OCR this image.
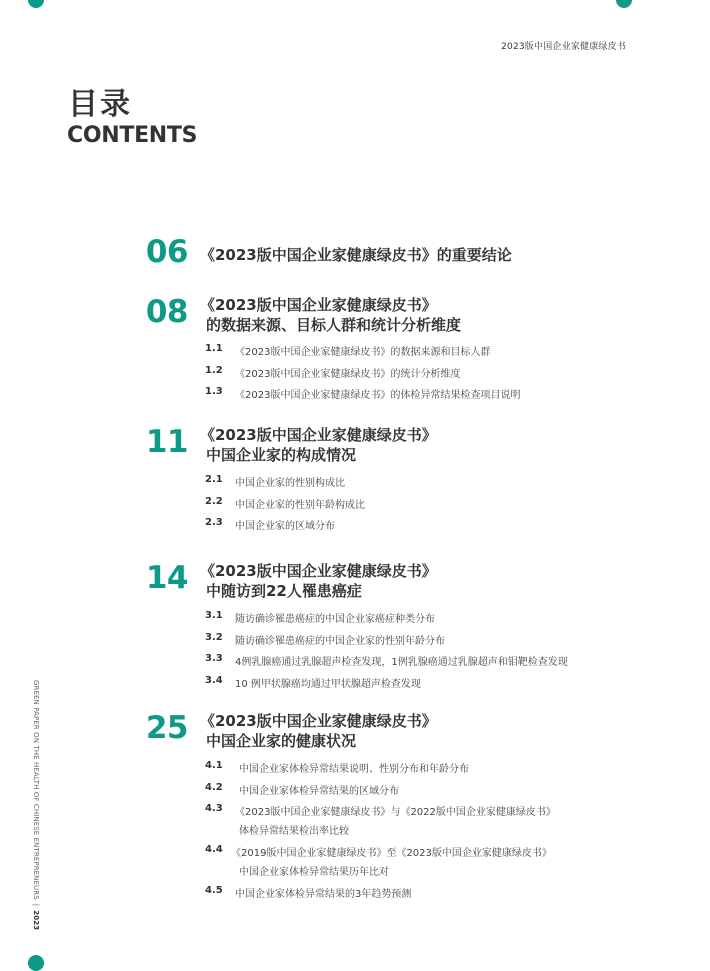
2023版中国企业家健康绿皮书
目录
CONTENTS
GREEN PAPER ON THE HEALTH OF CHINESE ENTREPRENEURS|2023
06 《2023版中国企业家健康绿皮书》的重要结论
08 《2023版中国企业家健康绿皮书》
的数据来源、目标人群和统计分析维度
1.1 《2023版中国企业家健康绿皮书》的数据来源和目标人群
1.2 《2023版中国企业家健康绿皮书》的统计分析维度
1.3 《2023版中国企业家健康绿皮书》的体检异常结果检查项目说明
11 《2023版中国企业家健康绿皮书》
中国企业家的构成情况
2.1 中国企业家的性别构成比
2.2 中国企业家的性别年龄构成比
2.3 中国企业家的区域分布
14 《2023版中国企业家健康绿皮书》
中随访到22人罹患癌症
3.1 随访确诊罹患癌症的中国企业家癌症种类分布
3.2 随访确诊罹患癌症的中国企业家的性别年龄分布
3.3 4例乳腺癌通过乳腺超声检查发现，1例乳腺癌通过乳腺超声和钼靶检查发现
3.4 10 例甲状腺癌均通过甲状腺超声检查发现
25 《2023版中国企业家健康绿皮书》
中国企业家的健康状况
4.1 中国企业家体检异常结果说明、性别分布和年龄分布
4.2 中国企业家体检异常结果的区域分布
4.3 《2023版中国企业家健康绿皮书》与《2022版中国企业家健康绿皮书》
体检异常结果检出率比较
4.4 《2019版中国企业家健康绿皮书》至《2023版中国企业家健康绿皮书》
中国企业家体检异常结果历年比对
4.5 中国企业家体检异常结果的3年趋势预测
